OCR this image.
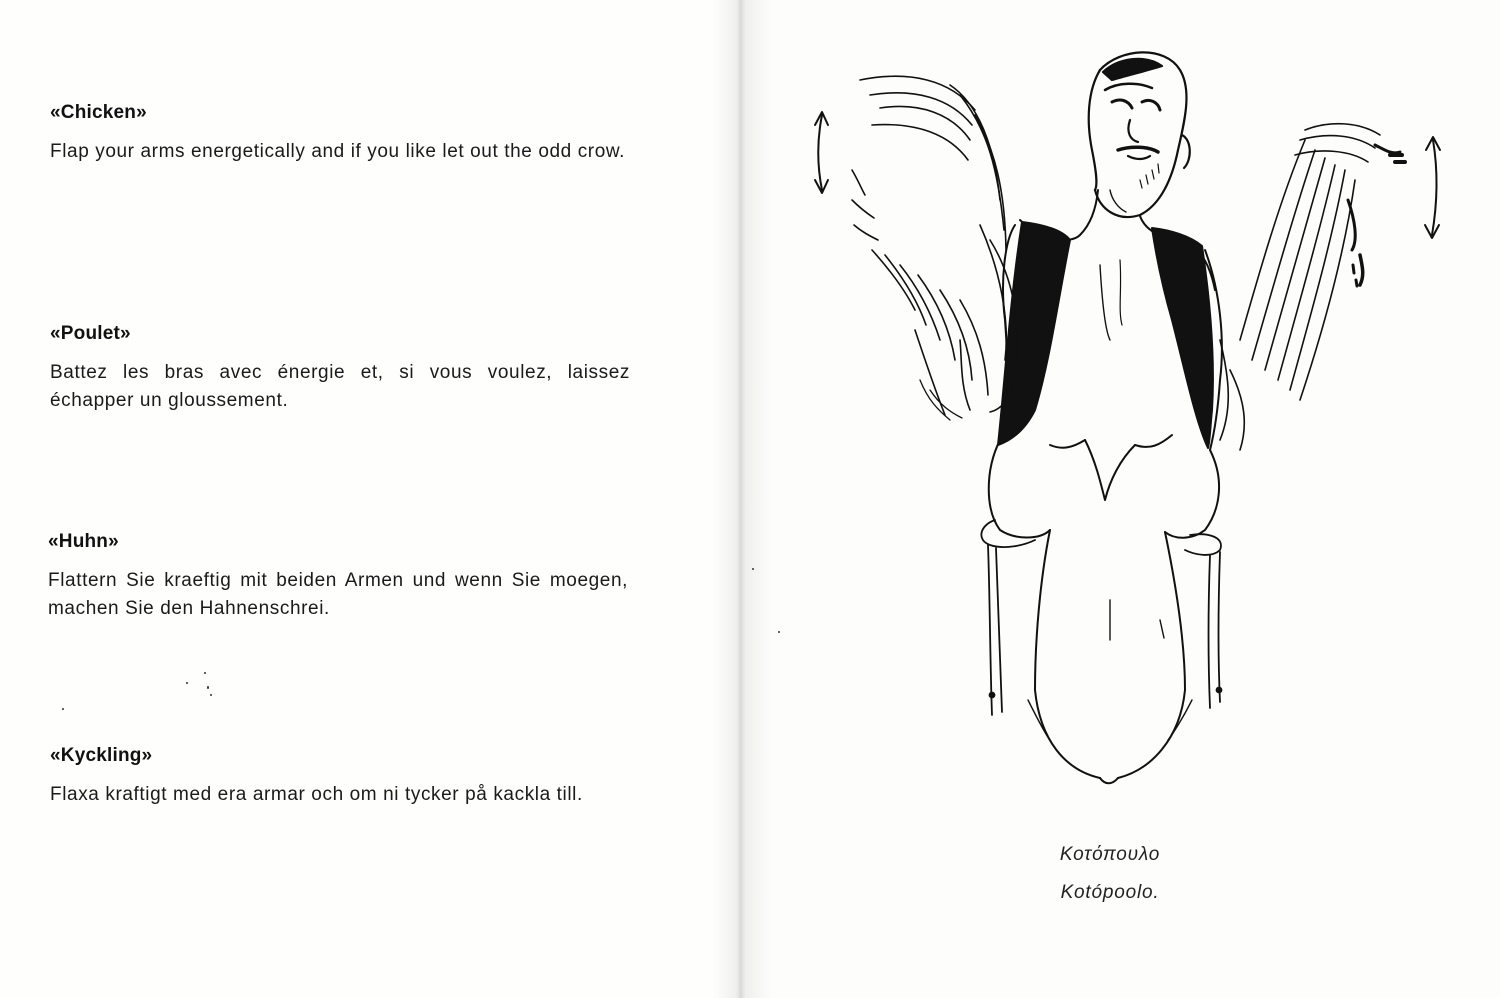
«Chicken»

Flap your arms energetically and if you like let out the odd crow.

«Poulet»

Battez les bras avec énergie et, si vous voulez, laissez échapper un gloussement.

«Huhn»

Flattern Sie kraeftig mit beiden Armen und wenn Sie moegen, machen Sie den Hahnenschrei.

«Kyckling»

Flaxa kraftigt med era armar och om ni tycker på kackla till.

Κοτόπουλο
Kotópoolo.
